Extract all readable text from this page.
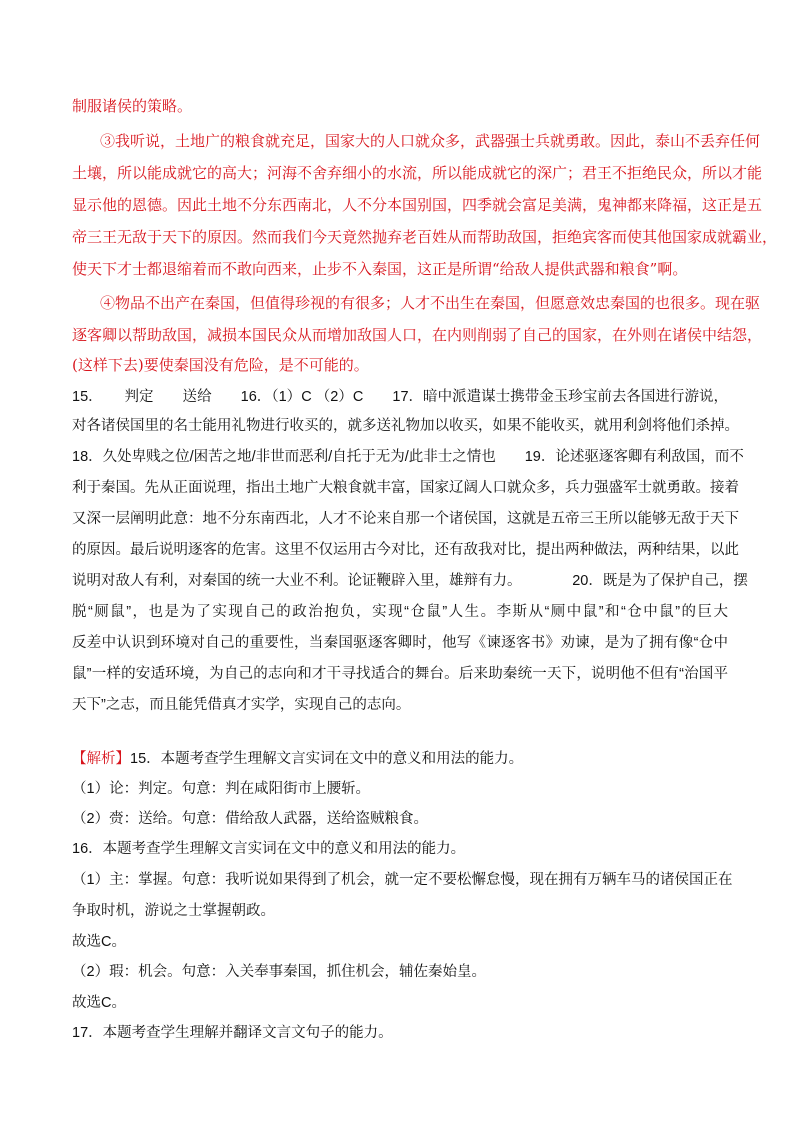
制服诸侯的策略。
③我听说，土地广的粮食就充足，国家大的人口就众多，武器强士兵就勇敢。因此，泰山不丢弃任何
土壤，所以能成就它的高大；河海不舍弃细小的水流，所以能成就它的深广；君王不拒绝民众，所以才能
显示他的恩德。因此土地不分东西南北，人不分本国别国，四季就会富足美满，鬼神都来降福，这正是五
帝三王无敌于天下的原因。然而我们今天竟然抛弃老百姓从而帮助敌国，拒绝宾客而使其他国家成就霸业，
使天下才士都退缩着而不敢向西来，止步不入秦国，这正是所谓“给敌人提供武器和粮食”啊。
④物品不出产在秦国，但值得珍视的有很多；人才不出生在秦国，但愿意效忠秦国的也很多。现在驱
逐客卿以帮助敌国，减损本国民众从而增加敌国人口，在内则削弱了自己的国家，在外则在诸侯中结怨，
(这样下去)要使秦国没有危险，是不可能的。
15．　　判定　　送给　　16．（1）C （2）C　　17．暗中派遣谋士携带金玉珍宝前去各国进行游说，
对各诸侯国里的名士能用礼物进行收买的，就多送礼物加以收买，如果不能收买，就用利剑将他们杀掉。
18．久处卑贱之位/困苦之地/非世而恶利/自托于无为/此非士之情也　　19．论述驱逐客卿有利敌国，而不
利于秦国。先从正面说理，指出土地广大粮食就丰富，国家辽阔人口就众多，兵力强盛军士就勇敢。接着
又深一层阐明此意：地不分东南西北，人才不论来自那一个诸侯国，这就是五帝三王所以能够无敌于天下
的原因。最后说明逐客的危害。这里不仅运用古今对比，还有敌我对比，提出两种做法，两种结果，以此
说明对敌人有利，对秦国的统一大业不利。论证鞭辟入里，雄辩有力。　　　　20．既是为了保护自己，摆
脱“厕鼠”，也是为了实现自己的政治抱负，实现“仓鼠”人生。李斯从“厕中鼠”和“仓中鼠”的巨大
反差中认识到环境对自己的重要性，当秦国驱逐客卿时，他写《谏逐客书》劝谏，是为了拥有像“仓中
鼠”一样的安适环境，为自己的志向和才干寻找适合的舞台。后来助秦统一天下，说明他不但有“治国平
天下”之志，而且能凭借真才实学，实现自己的志向。
【解析】15．本题考查学生理解文言实词在文中的意义和用法的能力。
（1）论：判定。句意：判在咸阳街市上腰斩。
（2）赍：送给。句意：借给敌人武器，送给盗贼粮食。
16．本题考查学生理解文言实词在文中的意义和用法的能力。
（1）主：掌握。句意：我听说如果得到了机会，就一定不要松懈怠慢，现在拥有万辆车马的诸侯国正在
争取时机，游说之士掌握朝政。
故选C。
（2）瑕：机会。句意：入关奉事秦国，抓住机会，辅佐秦始皇。
故选C。
17．本题考查学生理解并翻译文言文句子的能力。
